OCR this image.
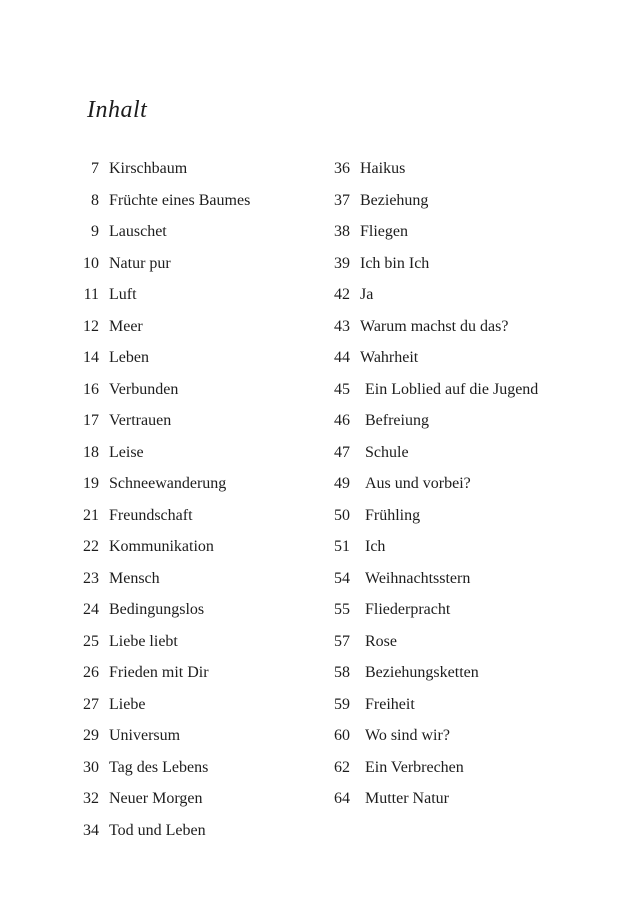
Inhalt
7 Kirschbaum
8 Früchte eines Baumes
9 Lauschet
10 Natur pur
11 Luft
12 Meer
14 Leben
16 Verbunden
17 Vertrauen
18 Leise
19 Schneewanderung
21 Freundschaft
22 Kommunikation
23 Mensch
24 Bedingungslos
25 Liebe liebt
26 Frieden mit Dir
27 Liebe
29 Universum
30 Tag des Lebens
32 Neuer Morgen
34 Tod und Leben
36 Haikus
37 Beziehung
38 Fliegen
39 Ich bin Ich
42 Ja
43 Warum machst du das?
44 Wahrheit
45 Ein Loblied auf die Jugend
46 Befreiung
47 Schule
49 Aus und vorbei?
50 Frühling
51 Ich
54 Weihnachtsstern
55 Fliederpracht
57 Rose
58 Beziehungsketten
59 Freiheit
60 Wo sind wir?
62 Ein Verbrechen
64 Mutter Natur
